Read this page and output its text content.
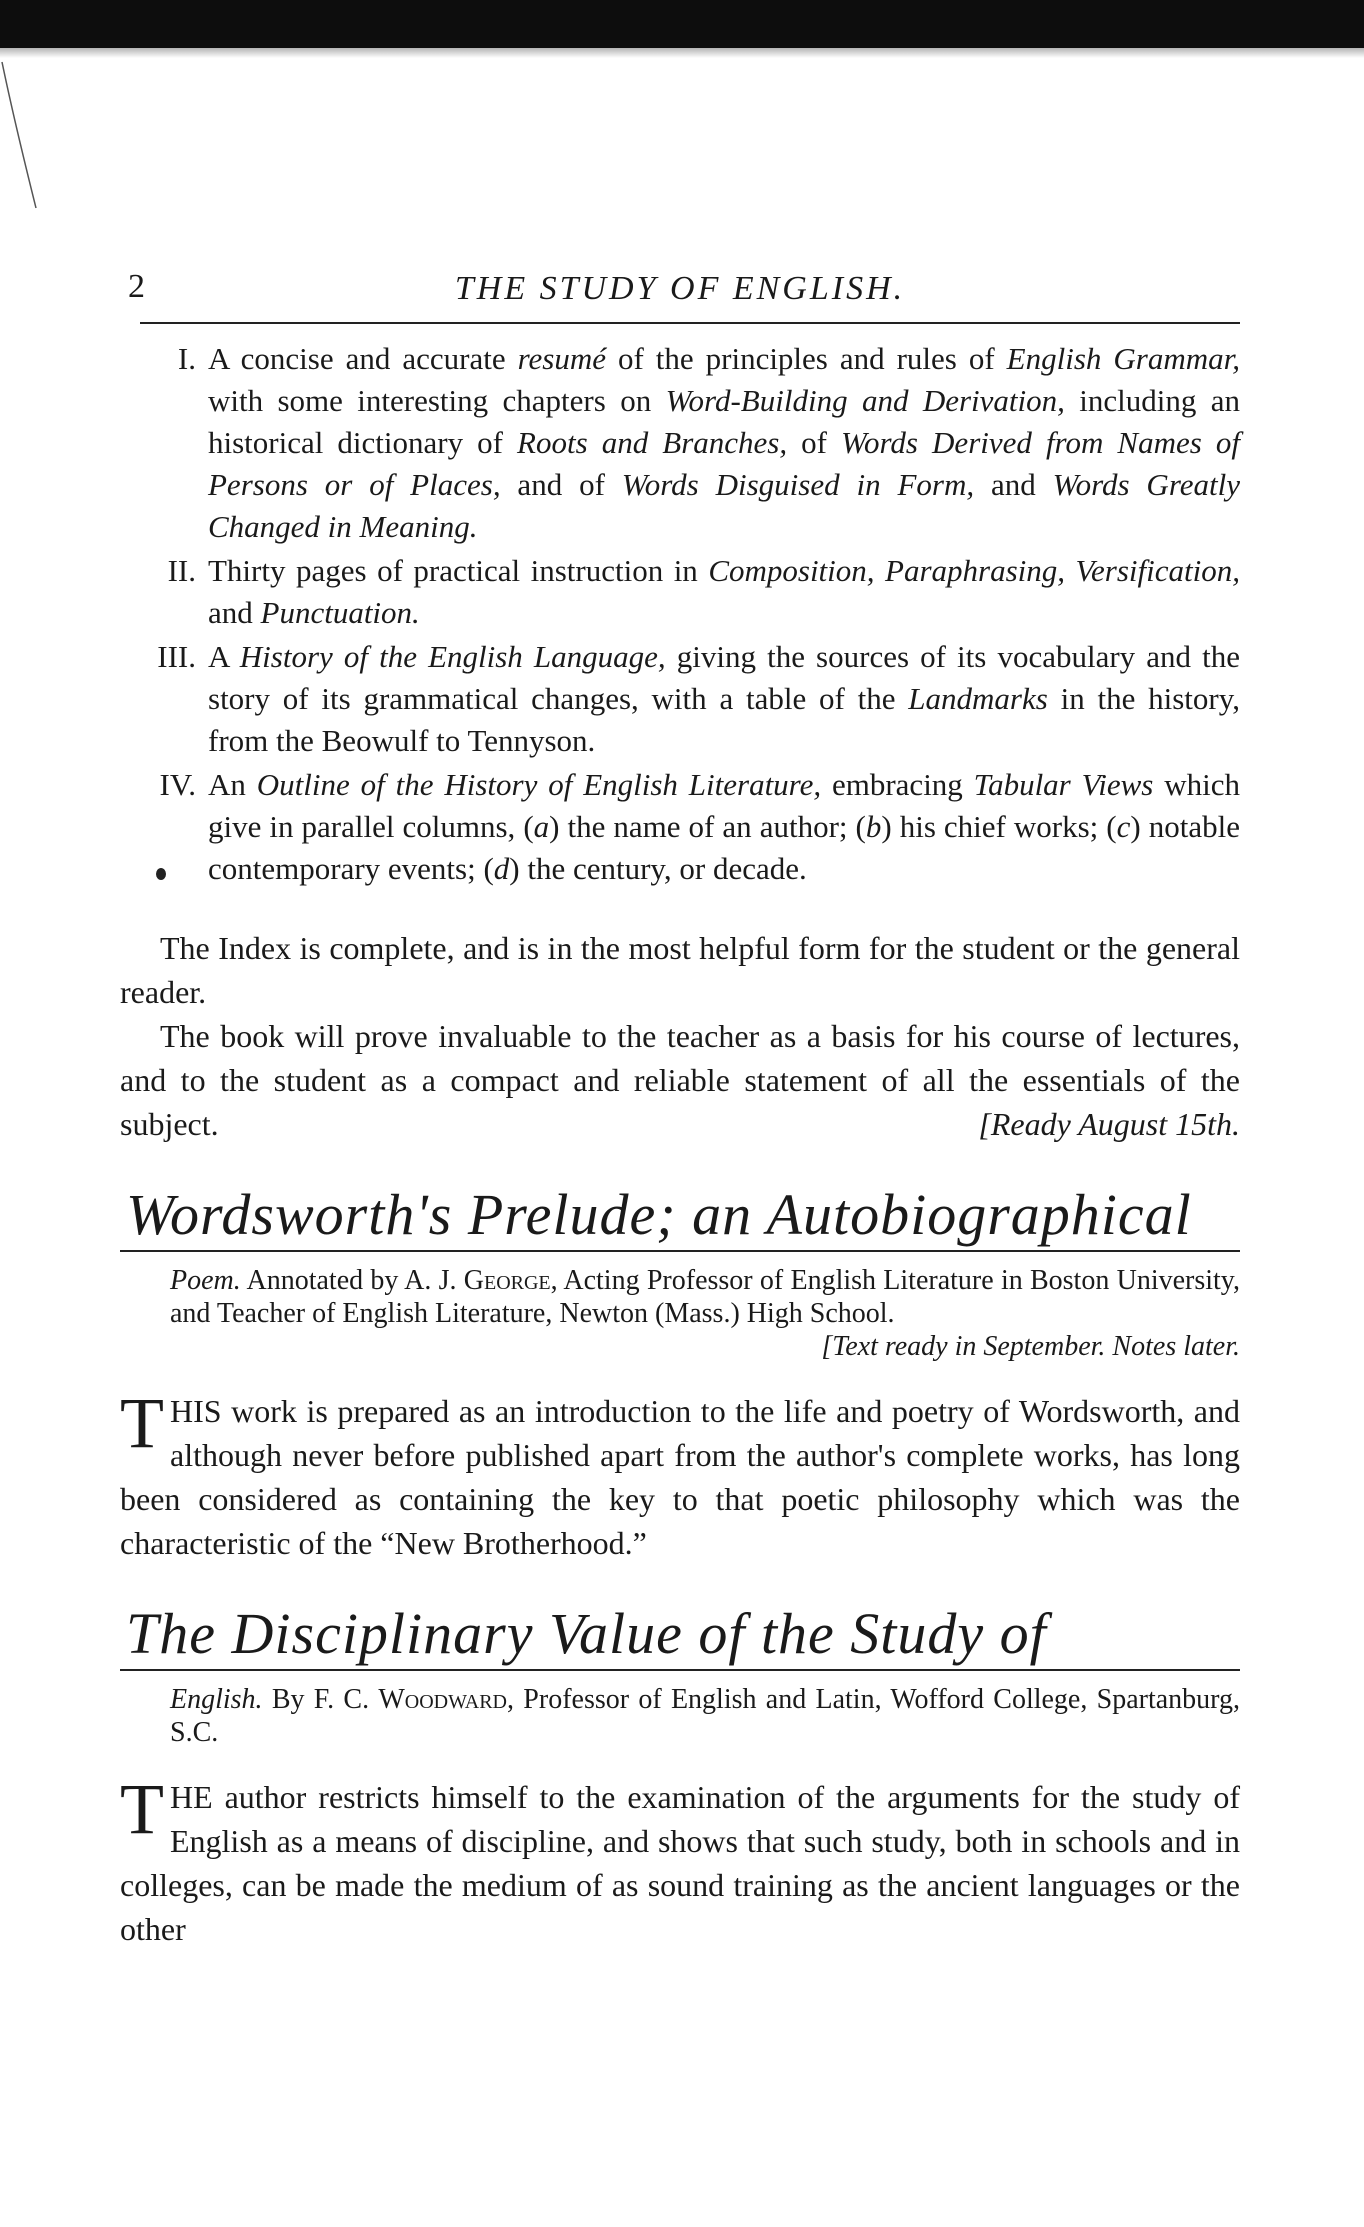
2	THE STUDY OF ENGLISH.
I. A concise and accurate resumé of the principles and rules of English Grammar, with some interesting chapters on Word-Building and Derivation, including an historical dictionary of Roots and Branches, of Words Derived from Names of Persons or of Places, and of Words Disguised in Form, and Words Greatly Changed in Meaning.
II. Thirty pages of practical instruction in Composition, Paraphrasing, Versification, and Punctuation.
III. A History of the English Language, giving the sources of its vocabulary and the story of its grammatical changes, with a table of the Landmarks in the history, from the Beowulf to Tennyson.
IV. An Outline of the History of English Literature, embracing Tabular Views which give in parallel columns, (a) the name of an author; (b) his chief works; (c) notable contemporary events; (d) the century, or decade.

The Index is complete, and is in the most helpful form for the student or the general reader.

The book will prove invaluable to the teacher as a basis for his course of lectures, and to the student as a compact and reliable statement of all the essentials of the subject.	[Ready August 15th.

Wordsworth's Prelude; an Autobiographical
Poem. Annotated by A. J. George, Acting Professor of English Literature in Boston University, and Teacher of English Literature, Newton (Mass.) High School.
[Text ready in September. Notes later.
THIS work is prepared as an introduction to the life and poetry of Wordsworth, and although never before published apart from the author's complete works, has long been considered as containing the key to that poetic philosophy which was the characteristic of the “New Brotherhood.”
The Disciplinary Value of the Study of
English. By F. C. Woodward, Professor of English and Latin, Wofford College, Spartanburg, S.C.
THE author restricts himself to the examination of the arguments for the study of English as a means of discipline, and shows that such study, both in schools and in colleges, can be made the medium of as sound training as the ancient languages or the other
